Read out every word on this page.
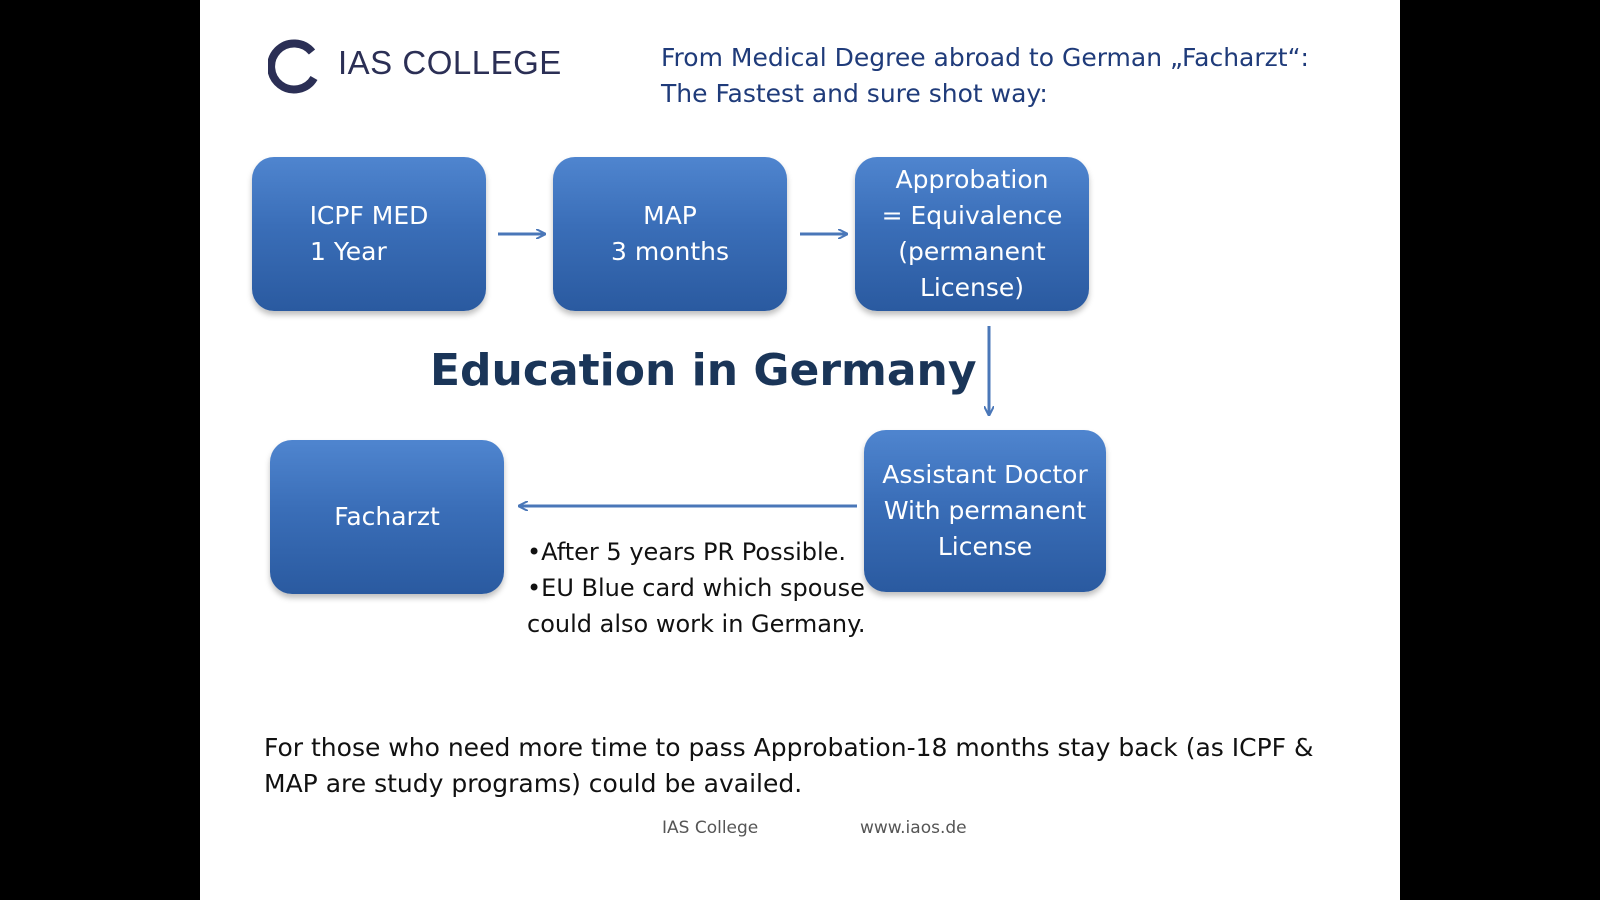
IAS COLLEGE	From Medical Degree abroad to German „Facharzt“:
The Fastest and sure shot way:
ICPF MED
1 Year
MAP
3 months
Approbation
= Equivalence
(permanent
License)
Assistant Doctor
With permanent
License
Facharzt
Education in Germany
•After 5 years PR Possible.
•EU Blue card which spouse could also work in Germany.
For those who need more time to pass Approbation-18 months stay back (as ICPF & MAP are study programs) could be availed.
IAS College	www.iaos.de
